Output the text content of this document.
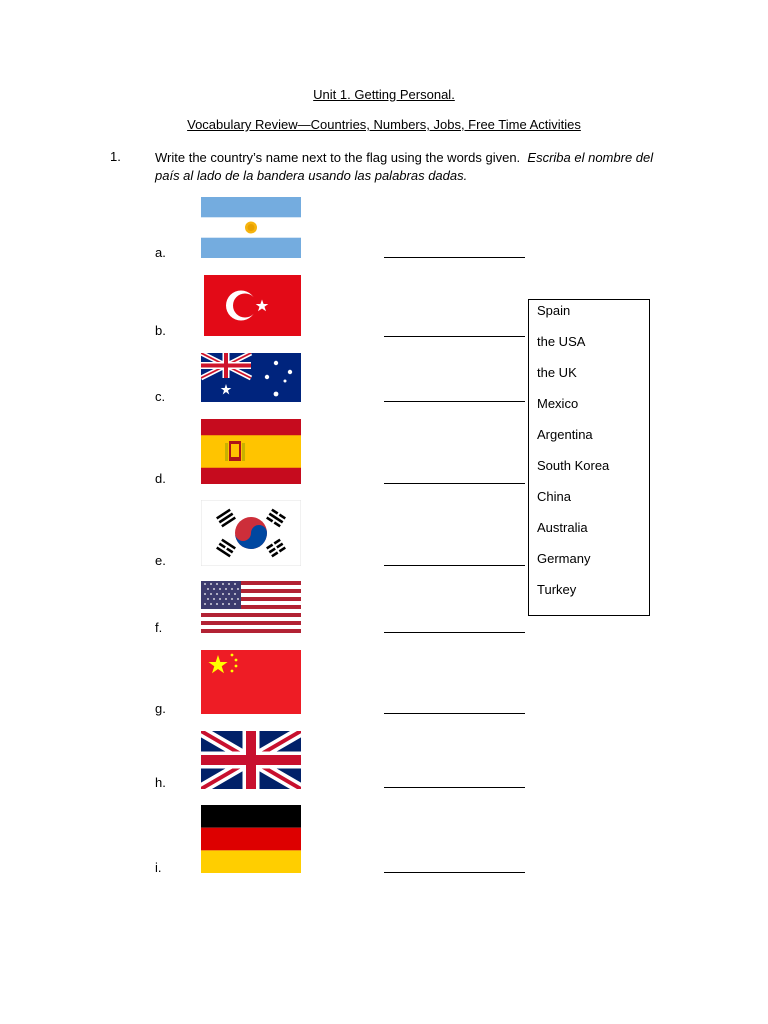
Unit 1. Getting Personal.
Vocabulary Review—Countries, Numbers, Jobs, Free Time Activities
1.	Write the country’s name next to the flag using the words given. Escriba el nombre del país al lado de la bandera usando las palabras dadas.
a.
b.
c.
d.
e.
f.
g.
h.
i.
Spain
the USA
the UK
Mexico
Argentina
South Korea
China
Australia
Germany
Turkey
